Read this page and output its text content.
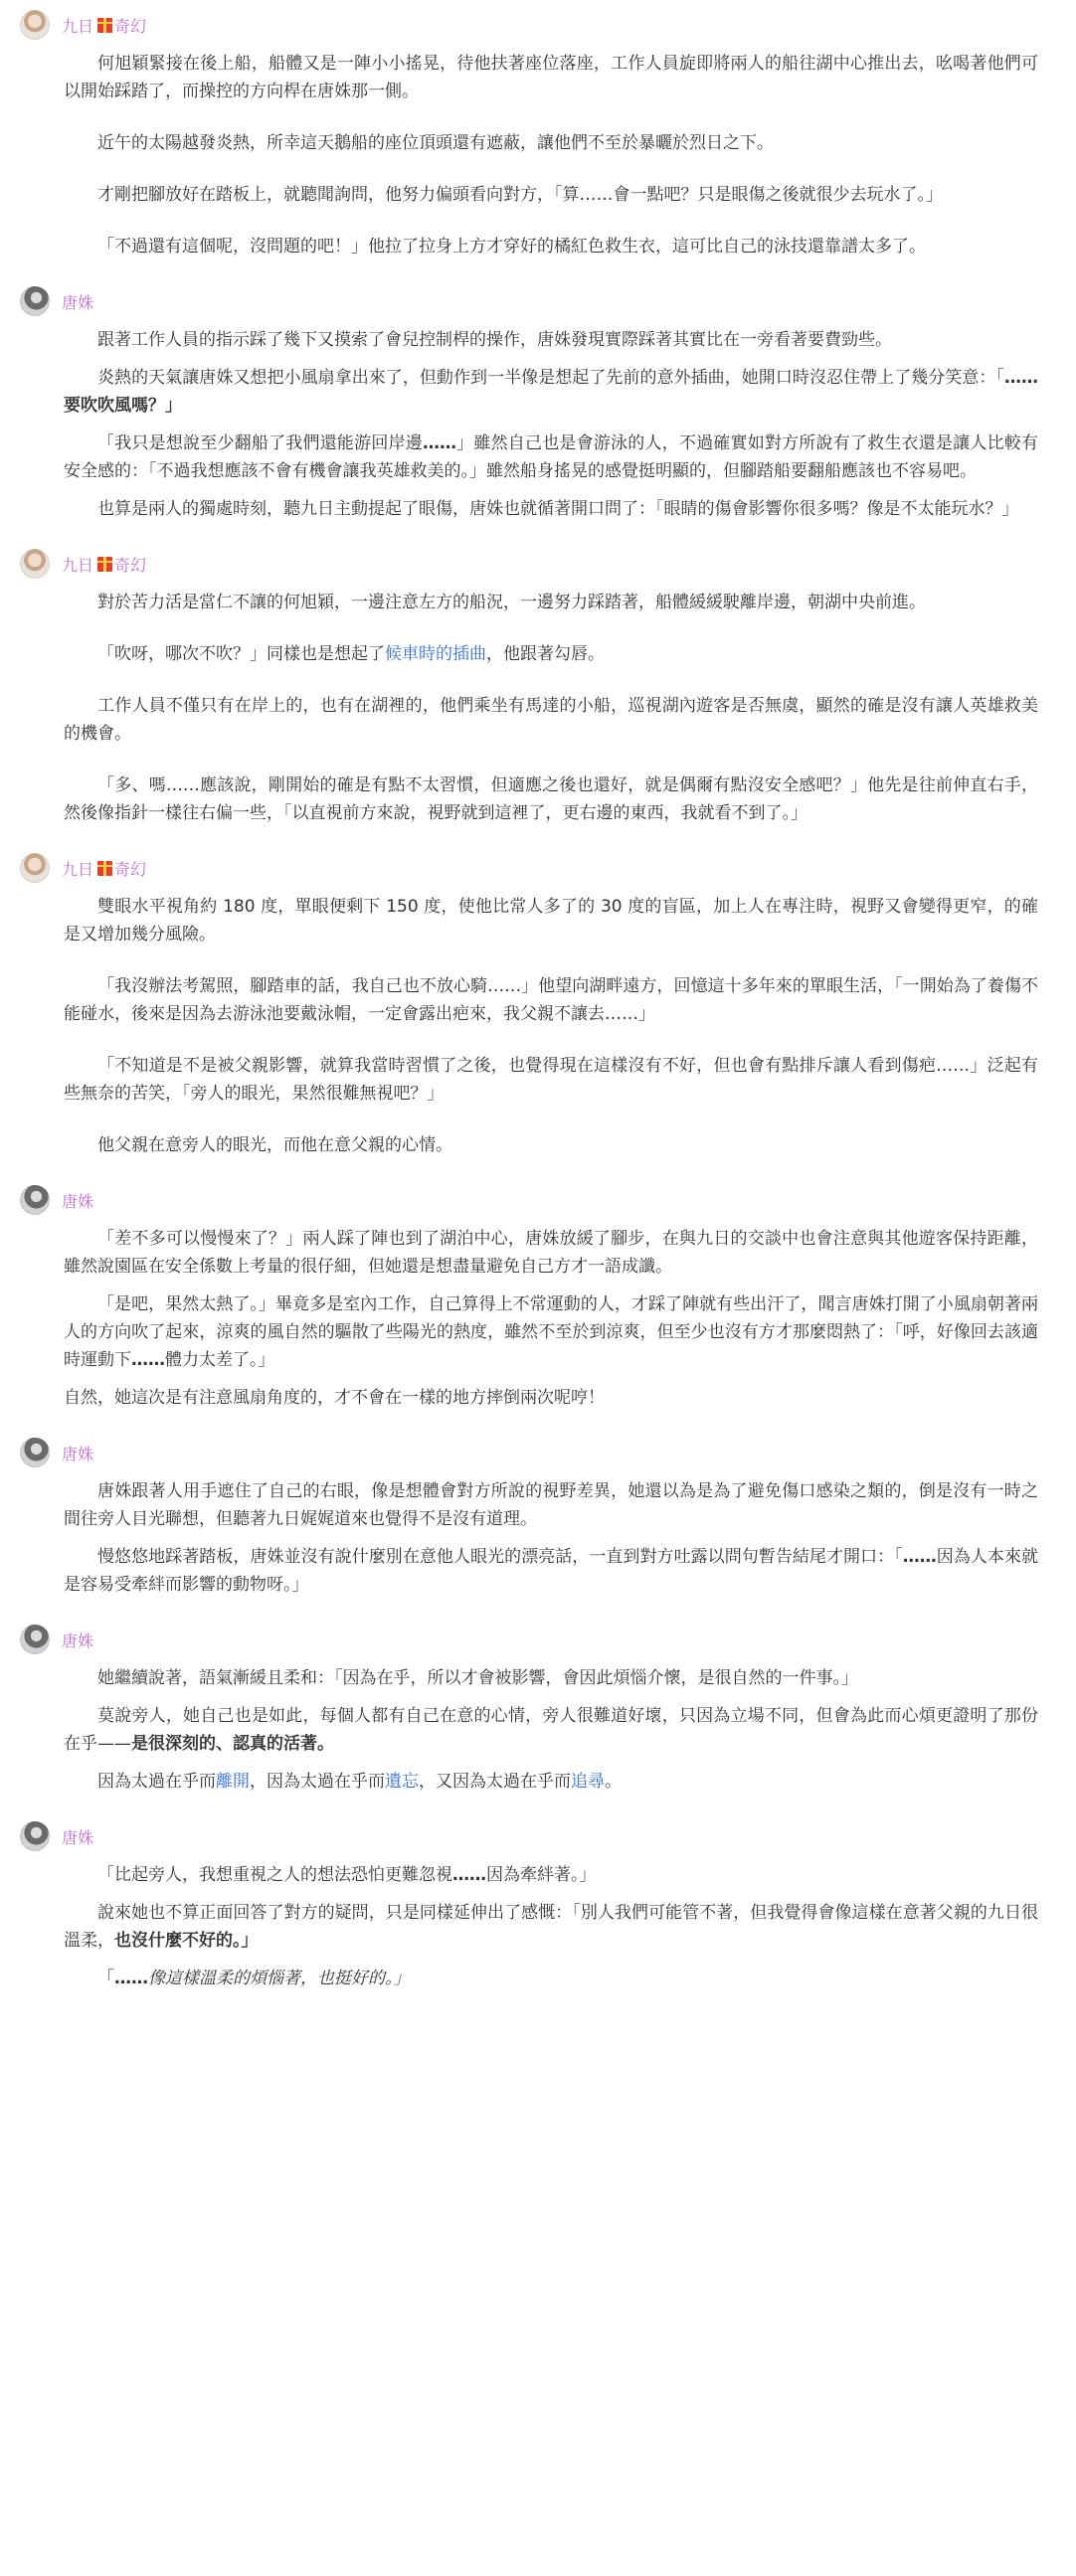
九日 奇幻

何旭穎緊接在後上船，船體又是一陣小小搖晃，待他扶著座位落座，工作人員旋即將兩人的船往湖中心推出去，吆喝著他們可以開始踩踏了，而操控的方向桿在唐姝那一側。

近午的太陽越發炎熱，所幸這天鵝船的座位頂頭還有遮蔽，讓他們不至於暴曬於烈日之下。

才剛把腳放好在踏板上，就聽聞詢問，他努力偏頭看向對方，「算……會一點吧？只是眼傷之後就很少去玩水了。」

「不過還有這個呢，沒問題的吧！」他拉了拉身上方才穿好的橘紅色救生衣，這可比自己的泳技還靠譜太多了。

唐姝

跟著工作人員的指示踩了幾下又摸索了會兒控制桿的操作，唐姝發現實際踩著其實比在一旁看著要費勁些。

炎熱的天氣讓唐姝又想把小風扇拿出來了，但動作到一半像是想起了先前的意外插曲，她開口時沒忍住帶上了幾分笑意：「……要吹吹風嗎？」

「我只是想說至少翻船了我們還能游回岸邊……」雖然自己也是會游泳的人，不過確實如對方所說有了救生衣還是讓人比較有安全感的：「不過我想應該不會有機會讓我英雄救美的。」雖然船身搖晃的感覺挺明顯的，但腳踏船要翻船應該也不容易吧。

也算是兩人的獨處時刻，聽九日主動提起了眼傷，唐姝也就循著開口問了：「眼睛的傷會影響你很多嗎？像是不太能玩水？」

九日 奇幻

對於苦力活是當仁不讓的何旭穎，一邊注意左方的船況，一邊努力踩踏著，船體緩緩駛離岸邊，朝湖中央前進。

「吹呀，哪次不吹？」同樣也是想起了候車時的插曲，他跟著勾唇。

工作人員不僅只有在岸上的，也有在湖裡的，他們乘坐有馬達的小船，巡視湖內遊客是否無虞，顯然的確是沒有讓人英雄救美的機會。

「多、嗎……應該說，剛開始的確是有點不太習慣，但適應之後也還好，就是偶爾有點沒安全感吧？」他先是往前伸直右手，然後像指針一樣往右偏一些，「以直視前方來說，視野就到這裡了，更右邊的東西，我就看不到了。」

九日 奇幻

雙眼水平視角約 180 度，單眼便剩下 150 度，使他比常人多了的 30 度的盲區，加上人在專注時，視野又會變得更窄，的確是又增加幾分風險。

「我沒辦法考駕照，腳踏車的話，我自己也不放心騎……」他望向湖畔遠方，回憶這十多年來的單眼生活，「一開始為了養傷不能碰水，後來是因為去游泳池要戴泳帽，一定會露出疤來，我父親不讓去……」

「不知道是不是被父親影響，就算我當時習慣了之後，也覺得現在這樣沒有不好，但也會有點排斥讓人看到傷疤……」泛起有些無奈的苦笑，「旁人的眼光，果然很難無視吧？」

他父親在意旁人的眼光，而他在意父親的心情。

唐姝

「差不多可以慢慢來了？」兩人踩了陣也到了湖泊中心，唐姝放緩了腳步，在與九日的交談中也會注意與其他遊客保持距離，雖然說園區在安全係數上考量的很仔細，但她還是想盡量避免自己方才一語成讖。

「是吧，果然太熱了。」畢竟多是室內工作，自己算得上不常運動的人，才踩了陣就有些出汗了，聞言唐姝打開了小風扇朝著兩人的方向吹了起來，涼爽的風自然的驅散了些陽光的熱度，雖然不至於到涼爽，但至少也沒有方才那麼悶熱了：「呼，好像回去該適時運動下……體力太差了。」

自然，她這次是有注意風扇角度的，才不會在一樣的地方摔倒兩次呢哼！

唐姝

唐姝跟著人用手遮住了自己的右眼，像是想體會對方所說的視野差異，她還以為是為了避免傷口感染之類的，倒是沒有一時之間往旁人目光聯想，但聽著九日娓娓道來也覺得不是沒有道理。

慢悠悠地踩著踏板，唐姝並沒有說什麼別在意他人眼光的漂亮話，一直到對方吐露以問句暫告結尾才開口：「……因為人本來就是容易受牽絆而影響的動物呀。」

唐姝

她繼續說著，語氣漸緩且柔和：「因為在乎，所以才會被影響，會因此煩惱介懷，是很自然的一件事。」

莫說旁人，她自己也是如此，每個人都有自己在意的心情，旁人很難道好壞，只因為立場不同，但會為此而心煩更證明了那份在乎——是很深刻的、認真的活著。

因為太過在乎而離開，因為太過在乎而遺忘，又因為太過在乎而追尋。

唐姝

「比起旁人，我想重視之人的想法恐怕更難忽視……因為牽絆著。」

說來她也不算正面回答了對方的疑問，只是同樣延伸出了感慨：「別人我們可能管不著，但我覺得會像這樣在意著父親的九日很溫柔，也沒什麼不好的。」

「……像這樣溫柔的煩惱著，也挺好的。」
